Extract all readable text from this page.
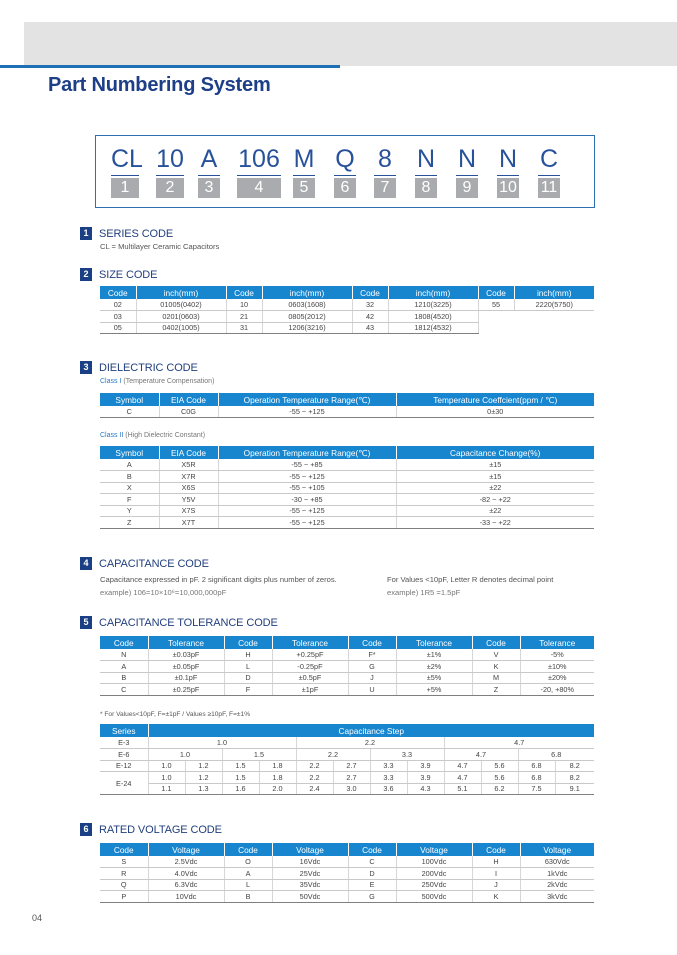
Part Numbering System
CL
1
10
2
A
3
106
4
M
5
Q
6
8
7
N
8
N
9
N
10
C
11
1 SERIES CODE
CL = Multilayer Ceramic Capacitors
2 SIZE CODE
Code	inch(mm)	Code	inch(mm)	Code	inch(mm)	Code	inch(mm)
02	01005(0402)	10	0603(1608)	32	1210(3225)	55	2220(5750)
03	0201(0603)	21	0805(2012)	42	1808(4520)		
05	0402(1005)	31	1206(3216)	43	1812(4532)		
3 DIELECTRIC CODE
Class I (Temperature Compensation)
Symbol	EIA Code	Operation Temperature Range(℃)	Temperature Coeffcient(ppm / ℃)
C	C0G	-55 ~ +125	0±30
Class II (High Dielectric Constant)
Symbol	EIA Code	Operation Temperature Range(℃)	Capacitance Change(%)
A	X5R	-55 ~ +85	±15
B	X7R	-55 ~ +125	±15
X	X6S	-55 ~ +105	±22
F	Y5V	-30 ~ +85	-82 ~ +22
Y	X7S	-55 ~ +125	±22
Z	X7T	-55 ~ +125	-33 ~ +22
4 CAPACITANCE CODE
Capacitance expressed in pF. 2 significant digits plus number of zeros.
example) 106=10×10⁶=10,000,000pF
For Values <10pF, Letter R denotes decimal point
example) 1R5 =1.5pF
5 CAPACITANCE TOLERANCE CODE
Code	Tolerance	Code	Tolerance	Code	Tolerance	Code	Tolerance
N	±0.03pF	H	+0.25pF	F*	±1%	V	-5%
A	±0.05pF	L	-0.25pF	G	±2%	K	±10%
B	±0.1pF	D	±0.5pF	J	±5%	M	±20%
C	±0.25pF	F	±1pF	U	+5%	Z	-20, +80%
* For Values<10pF, F=±1pF / Values ≥10pF, F=±1%
Series	Capacitance Step											
E-3	1.0				2.2				4.7			
E-6	1.0		1.5		2.2		3.3		4.7		6.8	
E-12	1.0	1.2	1.5	1.8	2.2	2.7	3.3	3.9	4.7	5.6	6.8	8.2
E-24	1.0	1.2	1.5	1.8	2.2	2.7	3.3	3.9	4.7	5.6	6.8	8.2
	1.1	1.3	1.6	2.0	2.4	3.0	3.6	4.3	5.1	6.2	7.5	9.1
6 RATED VOLTAGE CODE
Code	Voltage	Code	Voltage	Code	Voltage	Code	Voltage
S	2.5Vdc	O	16Vdc	C	100Vdc	H	630Vdc
R	4.0Vdc	A	25Vdc	D	200Vdc	I	1kVdc
Q	6.3Vdc	L	35Vdc	E	250Vdc	J	2kVdc
P	10Vdc	B	50Vdc	G	500Vdc	K	3kVdc
04
